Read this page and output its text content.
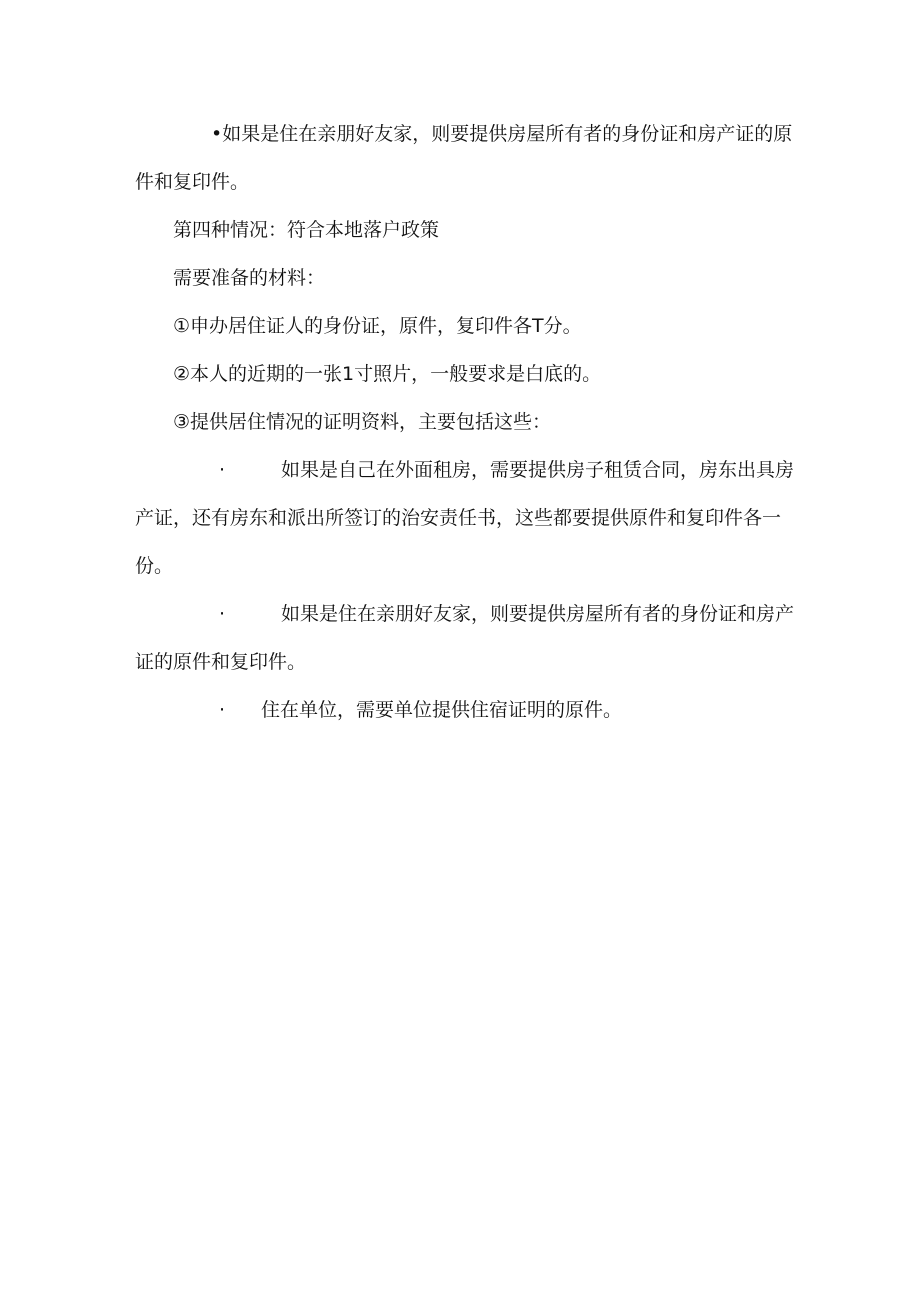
•如果是住在亲朋好友家，则要提供房屋所有者的身份证和房产证的原件和复印件。

第四种情况：符合本地落户政策

需要准备的材料：

①申办居住证人的身份证，原件，复印件各T分。

②本人的近期的一张1寸照片，一般要求是白底的。

③提供居住情况的证明资料，主要包括这些：

·	如果是自己在外面租房，需要提供房子租赁合同，房东出具房产证，还有房东和派出所签订的治安责任书，这些都要提供原件和复印件各一份。

·	如果是住在亲朋好友家，则要提供房屋所有者的身份证和房产证的原件和复印件。

· 住在单位，需要单位提供住宿证明的原件。
